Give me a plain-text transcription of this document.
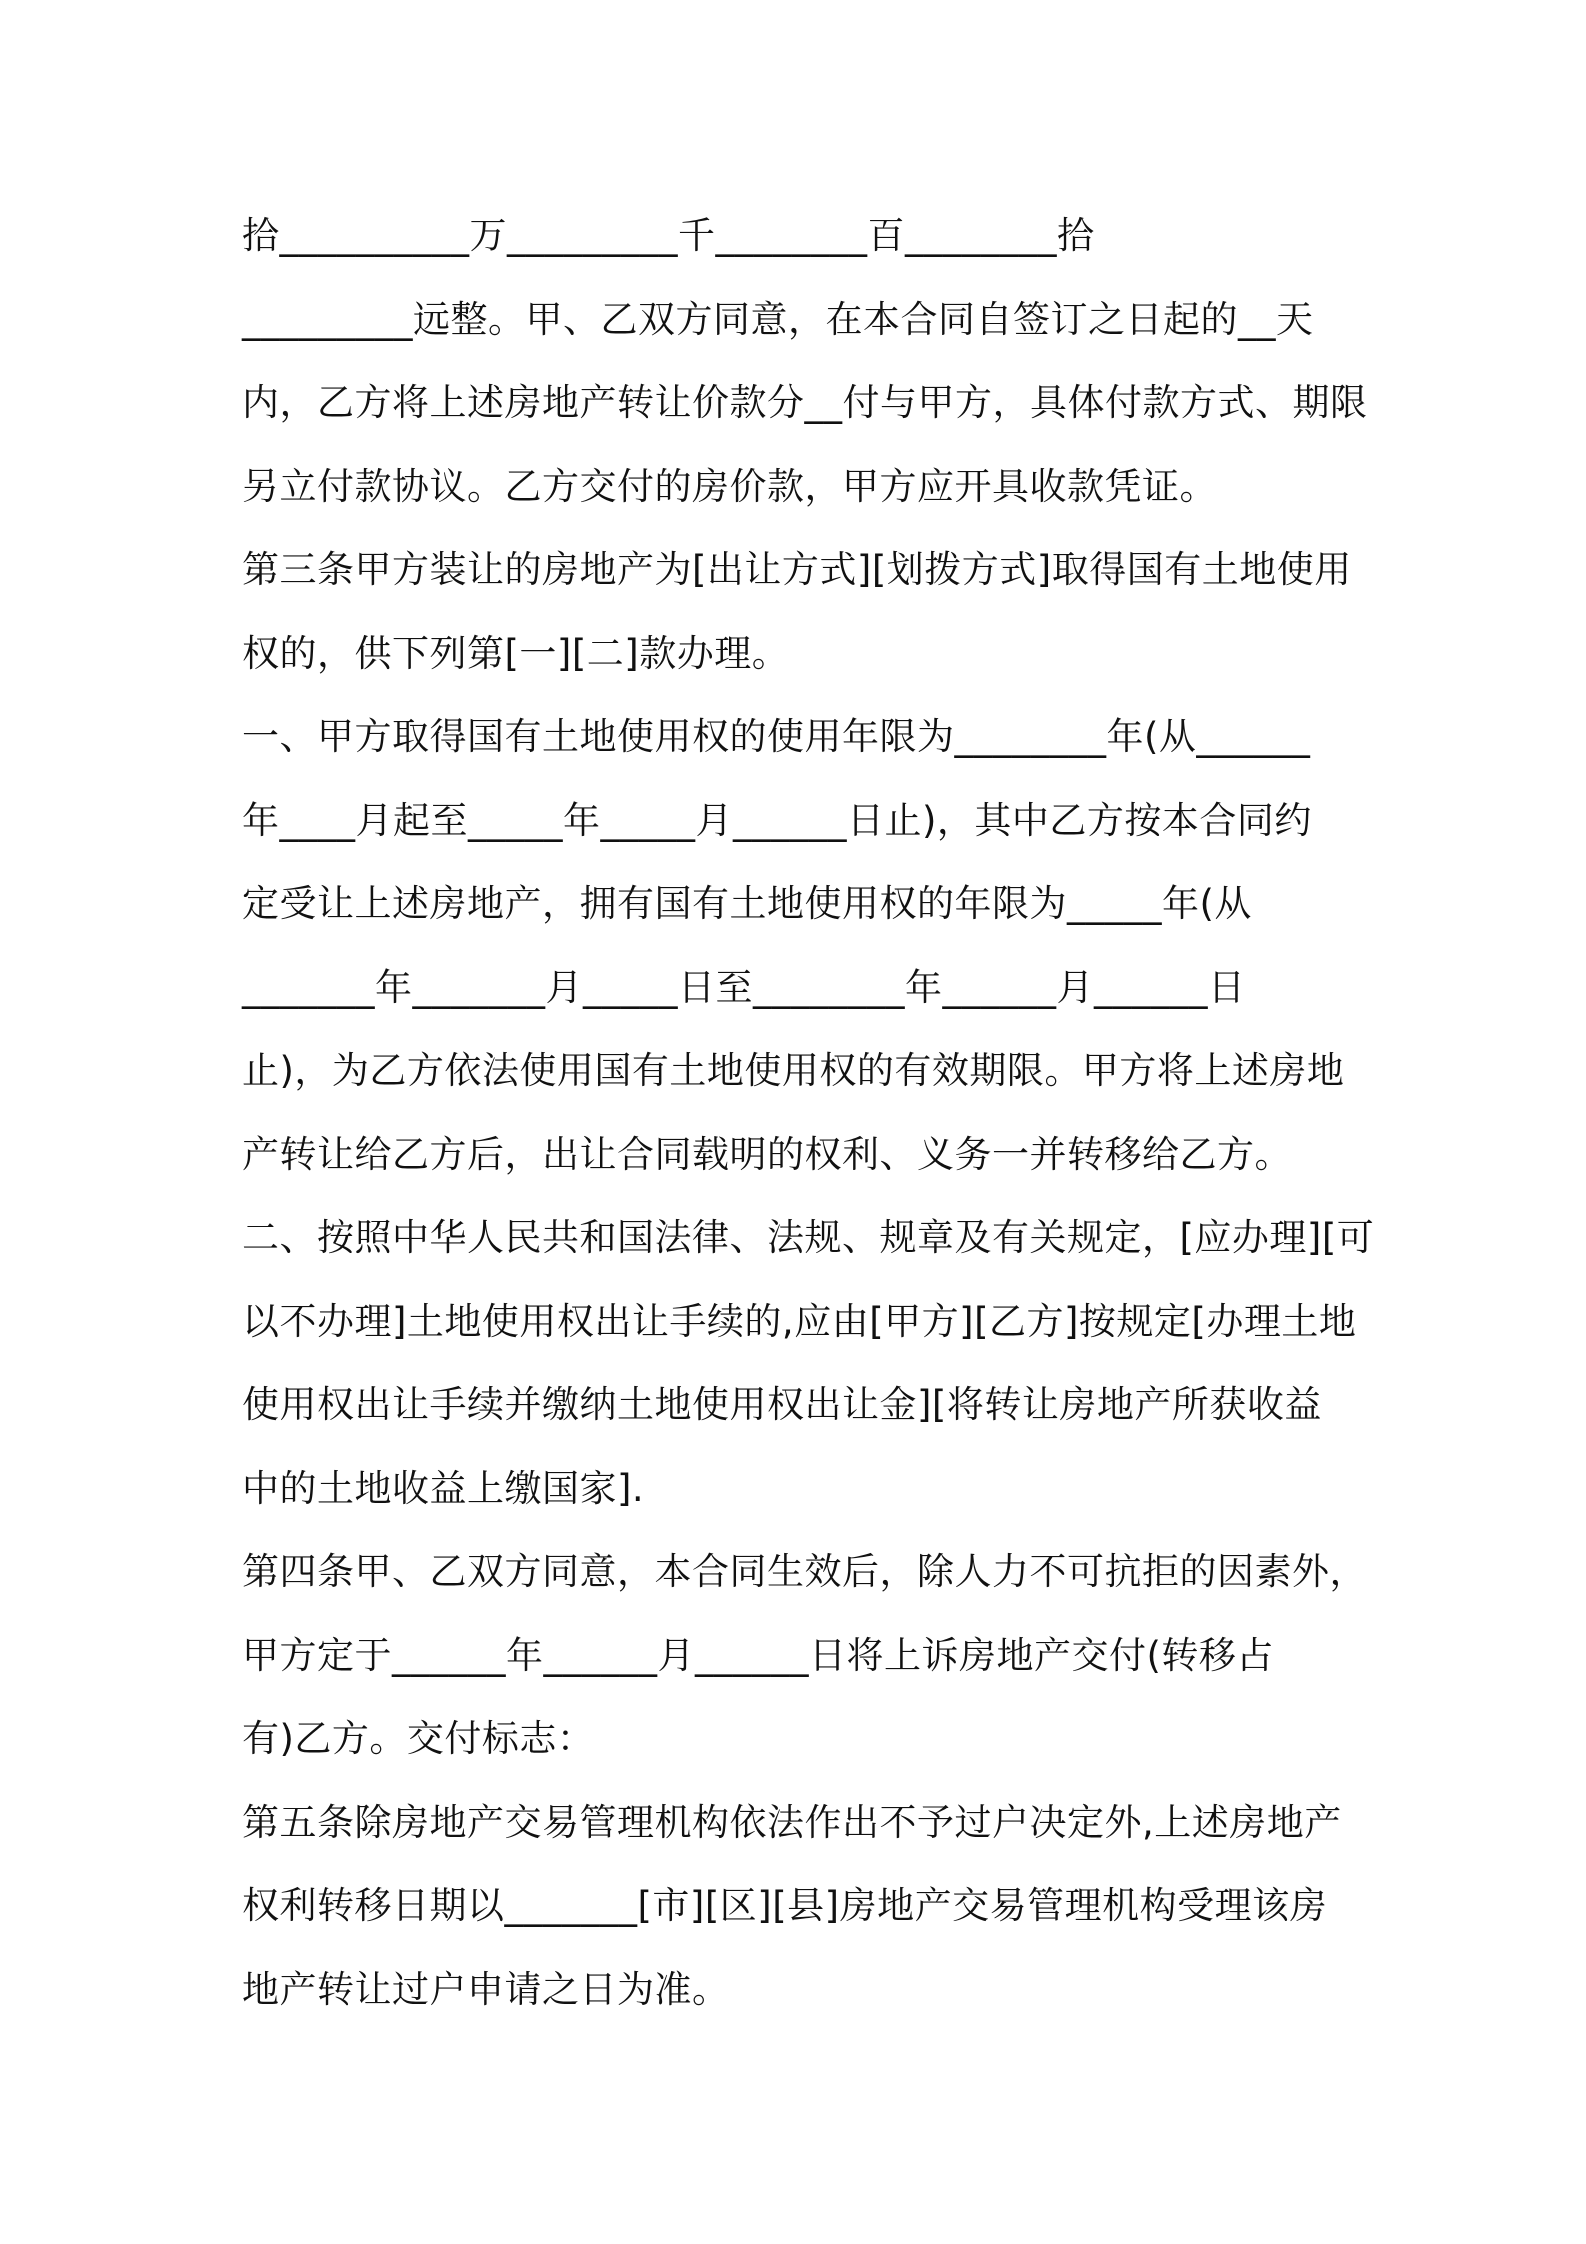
拾__________万_________千________百________拾
_________远整。甲、乙双方同意，在本合同自签订之日起的__天
内，乙方将上述房地产转让价款分__付与甲方，具体付款方式、期限
另立付款协议。乙方交付的房价款，甲方应开具收款凭证。
第三条甲方装让的房地产为[出让方式][划拨方式]取得国有土地使用
权的，供下列第[一][二]款办理。
一、甲方取得国有土地使用权的使用年限为________年(从______
年____月起至_____年_____月______日止)，其中乙方按本合同约
定受让上述房地产，拥有国有土地使用权的年限为_____年(从
_______年_______月_____日至________年______月______日
止)，为乙方依法使用国有土地使用权的有效期限。甲方将上述房地
产转让给乙方后，出让合同载明的权利、义务一并转移给乙方。
二、按照中华人民共和国法律、法规、规章及有关规定，[应办理][可
以不办理]土地使用权出让手续的,应由[甲方][乙方]按规定[办理土地
使用权出让手续并缴纳土地使用权出让金][将转让房地产所获收益
中的土地收益上缴国家].
第四条甲、乙双方同意，本合同生效后，除人力不可抗拒的因素外，
甲方定于______年______月______日将上诉房地产交付(转移占
有)乙方。交付标志：
第五条除房地产交易管理机构依法作出不予过户决定外,上述房地产
权利转移日期以_______[市][区][县]房地产交易管理机构受理该房
地产转让过户申请之日为准。
